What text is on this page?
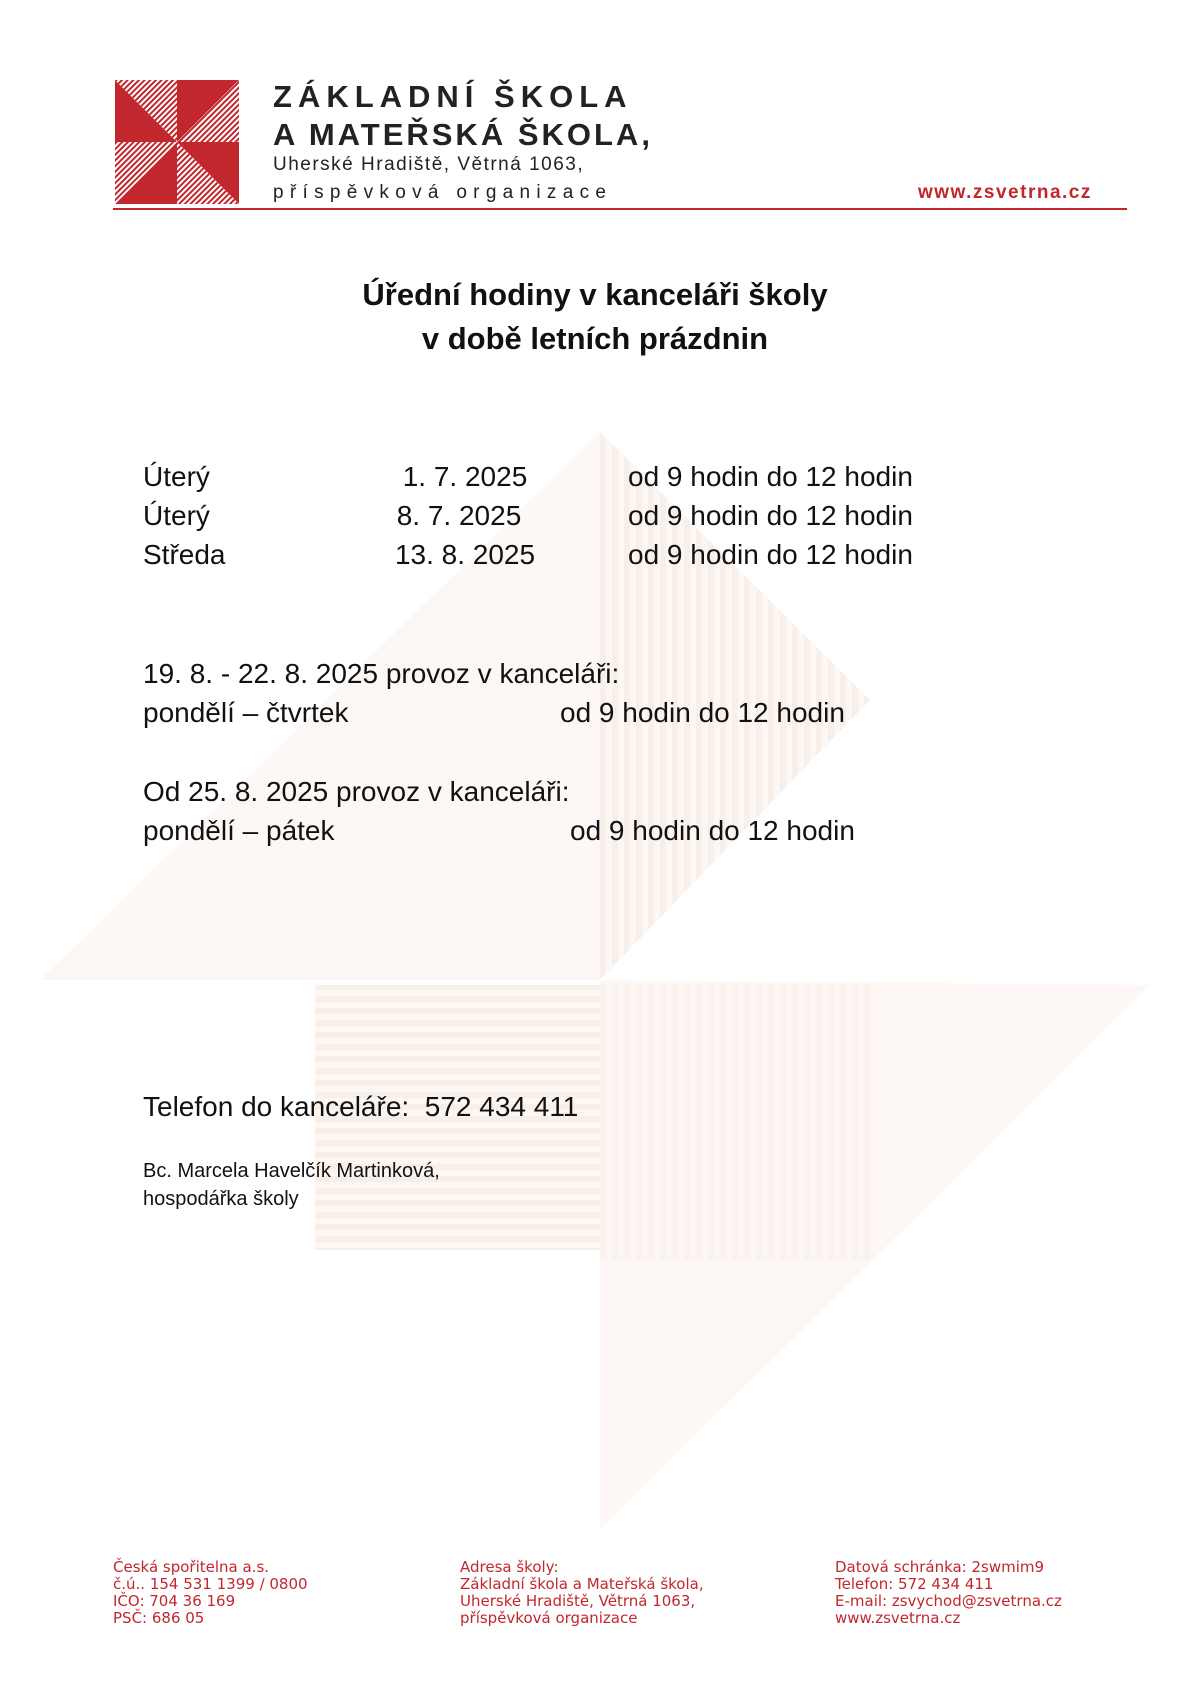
ZÁKLADNÍ ŠKOLA
A MATEŘSKÁ ŠKOLA,
Uherské Hradiště, Větrná 1063,
příspěvková organizace	www.zsvetrna.cz
Úřední hodiny v kanceláři školy
v době letních prázdnin
Úterý	1. 7. 2025	od 9 hodin do 12 hodin
Úterý	8. 7. 2025	od 9 hodin do 12 hodin
Středa	13. 8. 2025	od 9 hodin do 12 hodin
19. 8. - 22. 8. 2025 provoz v kanceláři:
pondělí – čtvrtek	od 9 hodin do 12 hodin
Od 25. 8. 2025 provoz v kanceláři:
pondělí – pátek	od 9 hodin do 12 hodin
Telefon do kanceláře: 572 434 411
Bc. Marcela Havelčík Martinková,
hospodářka školy
Česká spořitelna a.s.
č.ú.. 154 531 1399 / 0800
IČO: 704 36 169
PSČ: 686 05
Adresa školy:
Základní škola a Mateřská škola,
Uherské Hradiště, Větrná 1063,
příspěvková organizace
Datová schránka: 2swmim9
Telefon: 572 434 411
E-mail: zsvychod@zsvetrna.cz
www.zsvetrna.cz
